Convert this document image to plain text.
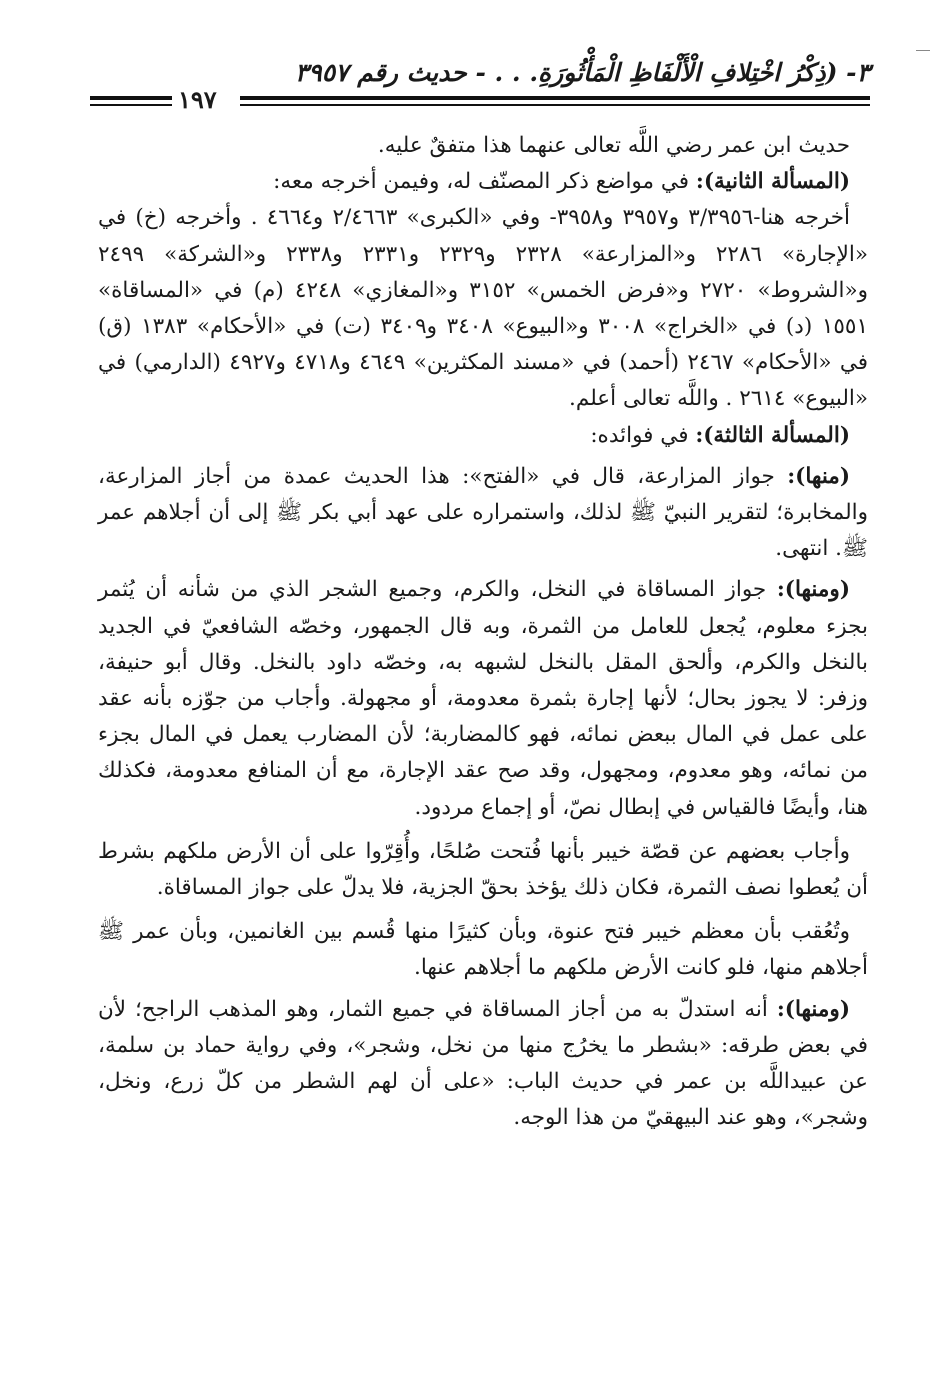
٣- (ذِكْرُ اخْتِلافِ الْأَلْفَاظِ الْمَأْثُورَةِ. . . - حديث رقم ٣٩٥٧
١٩٧

حديث ابن عمر رضي اللَّه تعالى عنهما هذا متفقٌ عليه.

(المسألة الثانية): في مواضع ذكر المصنّف له، وفيمن أخرجه معه:

أخرجه هنا-٣/٣٩٥٦ و٣٩٥٧ و٣٩٥٨- وفي «الكبرى» ٢/٤٦٦٣ و٤٦٦٤ . وأخرجه (خ) في «الإجارة» ٢٢٨٦ و«المزارعة» ٢٣٢٨ و٢٣٢٩ و٢٣٣١ و٢٣٣٨ و«الشركة» ٢٤٩٩ و«الشروط» ٢٧٢٠ و«فرض الخمس» ٣١٥٢ و«المغازي» ٤٢٤٨ (م) في «المساقاة» ١٥٥١ (د) في «الخراج» ٣٠٠٨ و«البيوع» ٣٤٠٨ و٣٤٠٩ (ت) في «الأحكام» ١٣٨٣ (ق) في «الأحكام» ٢٤٦٧ (أحمد) في «مسند المكثرين» ٤٦٤٩ و٤٧١٨ و٤٩٢٧ (الدارمي) في «البيوع» ٢٦١٤ . واللَّه تعالى أعلم.

(المسألة الثالثة): في فوائده:

(منها): جواز المزارعة، قال في «الفتح»: هذا الحديث عمدة من أجاز المزارعة، والمخابرة؛ لتقرير النبيّ ﷺ لذلك، واستمراره على عهد أبي بكر ﷺ إلى أن أجلاهم عمر ﷺ. انتهى.

(ومنها): جواز المساقاة في النخل، والكرم، وجميع الشجر الذي من شأنه أن يُثمر بجزء معلوم، يُجعل للعامل من الثمرة، وبه قال الجمهور، وخصّه الشافعيّ في الجديد بالنخل والكرم، وألحق المقل بالنخل لشبهه به، وخصّه داود بالنخل. وقال أبو حنيفة، وزفر: لا يجوز بحال؛ لأنها إجارة بثمرة معدومة، أو مجهولة. وأجاب من جوّزه بأنه عقد على عمل في المال ببعض نمائه، فهو كالمضاربة؛ لأن المضارب يعمل في المال بجزء من نمائه، وهو معدوم، ومجهول، وقد صح عقد الإجارة، مع أن المنافع معدومة، فكذلك هنا، وأيضًا فالقياس في إبطال نصّ، أو إجماع مردود.

وأجاب بعضهم عن قصّة خيبر بأنها فُتحت صُلحًا، وأُقِرّوا على أن الأرض ملكهم بشرط أن يُعطوا نصف الثمرة، فكان ذلك يؤخذ بحقّ الجزية، فلا يدلّ على جواز المساقاة.

وتُعُقب بأن معظم خيبر فتح عنوة، وبأن كثيرًا منها قُسم بين الغانمين، وبأن عمر ﷺ أجلاهم منها، فلو كانت الأرض ملكهم ما أجلاهم عنها.

(ومنها): أنه استدلّ به من أجاز المساقاة في جميع الثمار، وهو المذهب الراجح؛ لأن في بعض طرقه: «بشطر ما يخرُج منها من نخل، وشجر»، وفي رواية حماد بن سلمة، عن عبيداللَّه بن عمر في حديث الباب: «على أن لهم الشطر من كلّ زرع، ونخل، وشجر»، وهو عند البيهقيّ من هذا الوجه.
